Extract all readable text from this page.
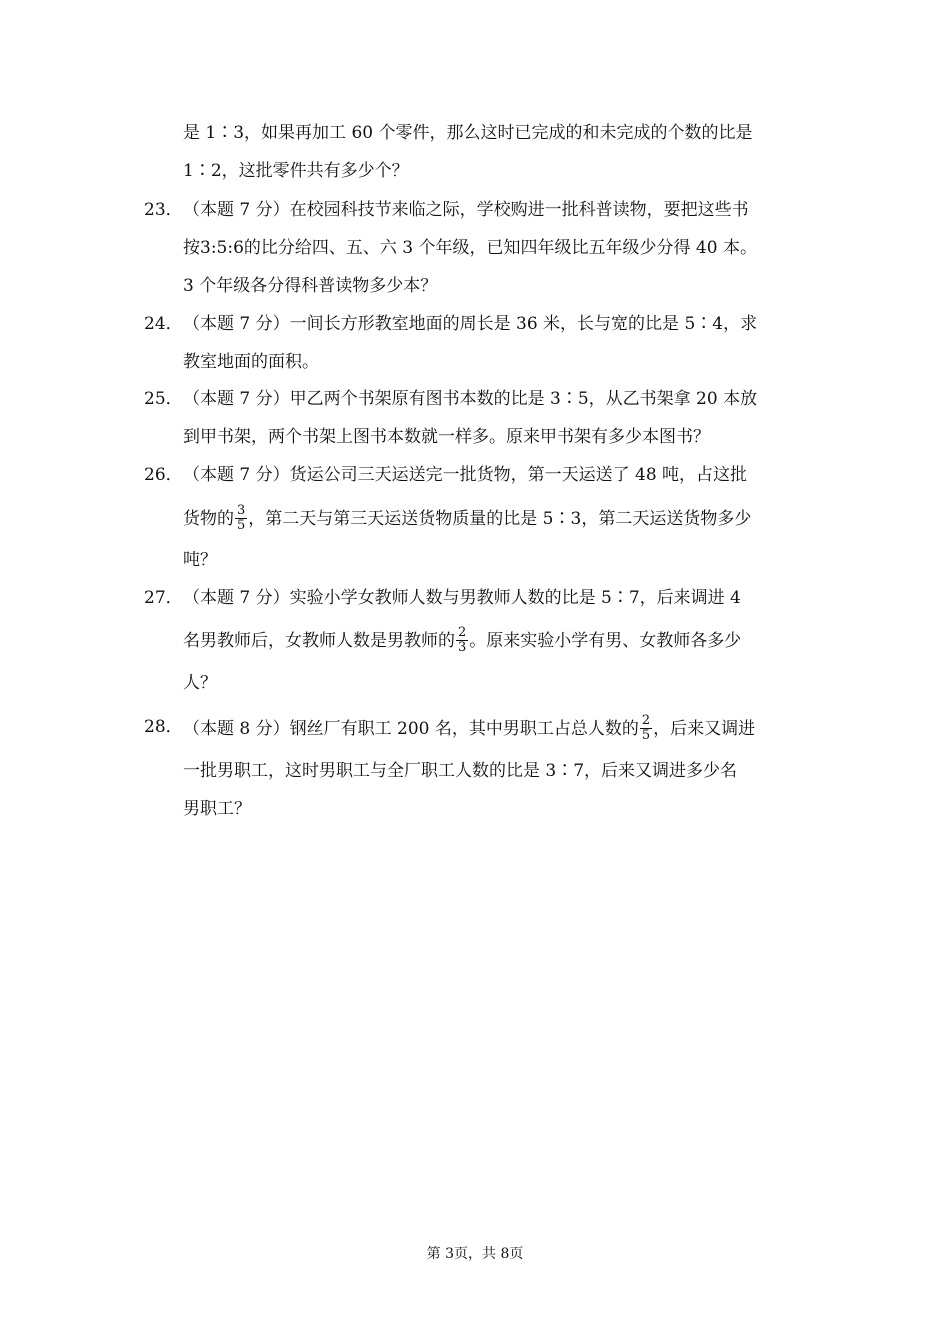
是 1∶3，如果再加工 60 个零件，那么这时已完成的和未完成的个数的比是
1∶2，这批零件共有多少个？
23． （本题 7 分）在校园科技节来临之际，学校购进一批科普读物，要把这些书
按3:5:6的比分给四、五、六 3 个年级，已知四年级比五年级少分得 40 本。
3 个年级各分得科普读物多少本？
24． （本题 7 分）一间长方形教室地面的周长是 36 米，长与宽的比是 5∶4，求
教室地面的面积。
25． （本题 7 分）甲乙两个书架原有图书本数的比是 3∶5，从乙书架拿 20 本放
到甲书架，两个书架上图书本数就一样多。原来甲书架有多少本图书？
26． （本题 7 分）货运公司三天运送完一批货物，第一天运送了 48 吨，占这批
货物的 $\frac{3}{5}$ ，第二天与第三天运送货物质量的比是 5∶3，第二天运送货物多少
吨？
27． （本题 7 分）实验小学女教师人数与男教师人数的比是 5∶7，后来调进 4
名男教师后，女教师人数是男教师的 $\frac{2}{3}$ 。原来实验小学有男、女教师各多少
人？
28． （本题 8 分）钢丝厂有职工 200 名，其中男职工占总人数的 $\frac{2}{5}$ ，后来又调进
一批男职工，这时男职工与全厂职工人数的比是 3∶7，后来又调进多少名
男职工？
第 3页，共 8页
